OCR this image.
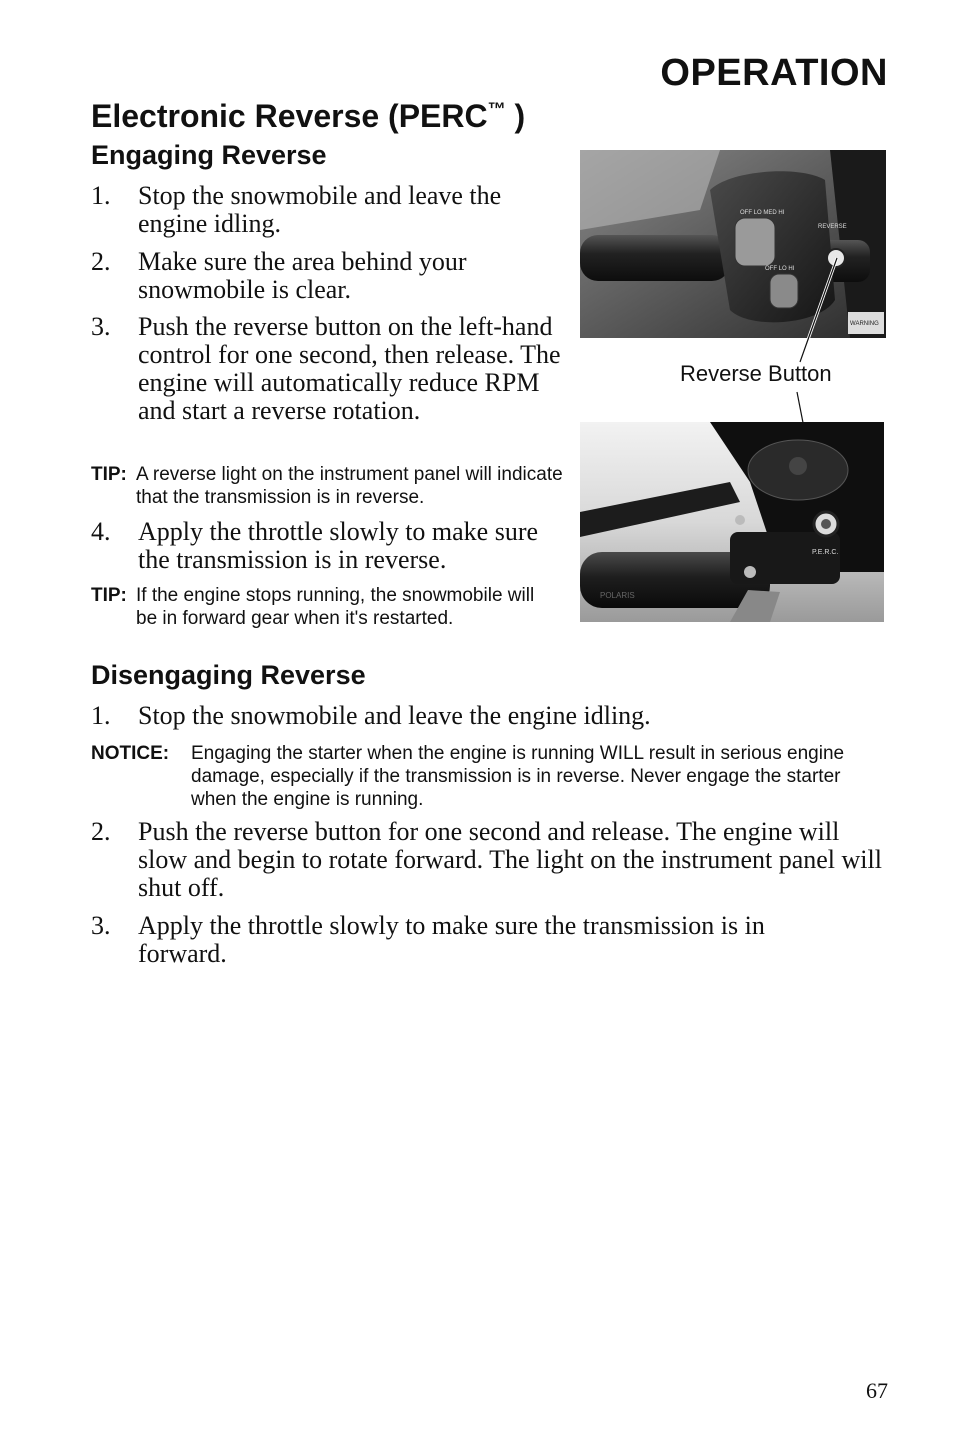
OPERATION
Electronic Reverse (PERC™ )
Engaging Reverse
1. Stop the snowmobile and leave the engine idling.
2. Make sure the area behind your snowmobile is clear.
3. Push the reverse button on the left-hand control for one second, then release. The engine will automatically reduce RPM and start a reverse rotation.
TIP: A reverse light on the instrument panel will indicate that the transmission is in reverse.
4. Apply the throttle slowly to make sure the transmission is in reverse.
TIP: If the engine stops running, the snowmobile will be in forward gear when it's restarted.
OFF LO MED HI
OFF LO HI
REVERSE
WARNING
Reverse Button
P.E.R.C.
POLARIS
Disengaging Reverse
1. Stop the snowmobile and leave the engine idling.
NOTICE: Engaging the starter when the engine is running WILL result in serious engine damage, especially if the transmission is in reverse. Never engage the starter when the engine is running.
2. Push the reverse button for one second and release. The engine will slow and begin to rotate forward. The light on the instrument panel will shut off.
3. Apply the throttle slowly to make sure the transmission is in forward.
67
